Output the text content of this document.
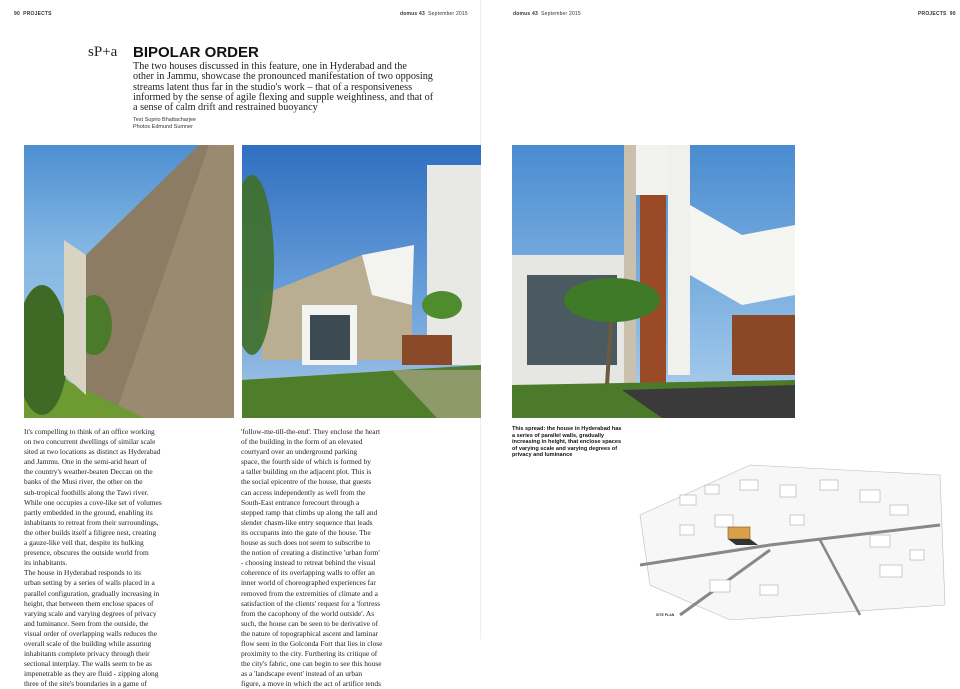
90 PROJECTS	domus 43 September 2015	domus 43 September 2015	PROJECTS 90
sP+a BIPOLAR ORDER
The two houses discussed in this feature, one in Hyderabad and the
other in Jammu, showcase the pronounced manifestation of two opposing
streams latent thus far in the studio's work – that of a responsiveness
informed by the sense of agile flexing and supple weightiness, and that of
a sense of calm drift and restrained buoyancy
Text Suprio Bhattacharjee
Photos Edmund Sumner
It's compelling to think of an office working
on two concurrent dwellings of similar scale
sited at two locations as distinct as Hyderabad
and Jammu. One in the semi-arid heart of
the country's weather-beaten Deccan on the
banks of the Musi river, the other on the
sub-tropical foothills along the Tawi river.
While one occupies a cove-like set of volumes
partly embedded in the ground, enabling its
inhabitants to retreat from their surroundings,
the other builds itself a filigree nest, creating
a gauze-like veil that, despite its hulking
presence, obscures the outside world from
its inhabitants.
The house in Hyderabad responds to its
urban setting by a series of walls placed in a
parallel configuration, gradually increasing in
height, that between them enclose spaces of
varying scale and varying degrees of privacy
and luminance. Seen from the outside, the
visual order of overlapping walls reduces the
overall scale of the building while assuring
inhabitants complete privacy through their
sectional interplay. The walls seem to be as
impenetrable as they are fluid - zipping along
three of the site's boundaries in a game of
'follow-me-till-the-end'. They enclose the heart
of the building in the form of an elevated
courtyard over an underground parking
space, the fourth side of which is formed by
a taller building on the adjacent plot. This is
the social epicentre of the house, that guests
can access independently as well from the
South-East entrance forecourt through a
stepped ramp that climbs up along the tall and
slender chasm-like entry sequence that leads
its occupants into the gate of the house. The
house as such does not seem to subscribe to
the notion of creating a distinctive 'urban form'
- choosing instead to retreat behind the visual
coherence of its overlapping walls to offer an
inner world of choreographed experiences far
removed from the extremities of climate and a
satisfaction of the clients' request for a 'fortress
from the cacophony of the world outside'. As
such, the house can be seen to be derivative of
the nature of topographical ascent and laminar
flow seen in the Golconda Fort that lies in close
proximity to the city. Furthering its critique of
the city's fabric, one can begin to see this house
as a 'landscape event' instead of an urban
figure, a move in which the act of artifice tends
This spread: the house in Hyderabad has a series of parallel walls, gradually increasing in height, that enclose spaces of varying scale and varying degrees of privacy and luminance
SITE PLAN
